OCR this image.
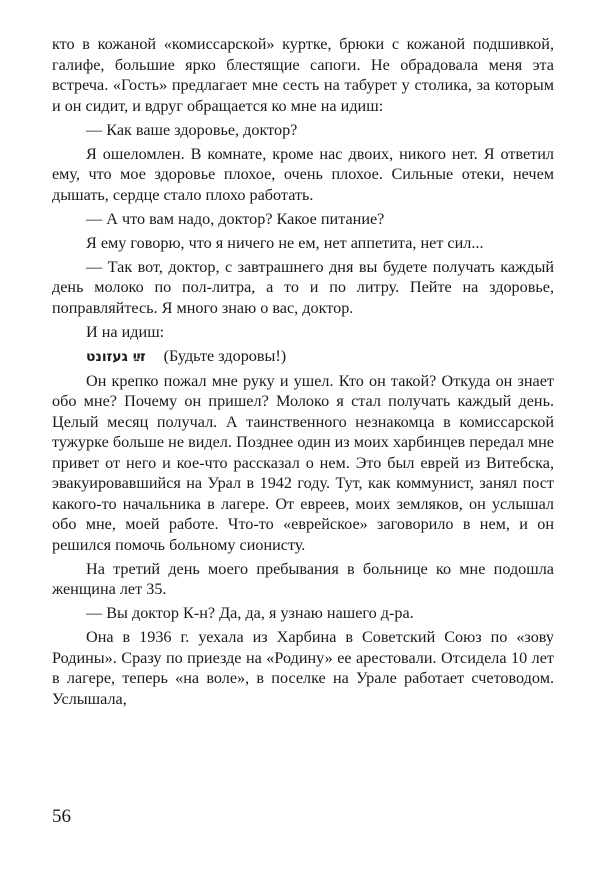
кто в кожаной «комиссарской» куртке, брюки с кожаной подшивкой, галифе, большие ярко блестящие сапоги. Не обрадовала меня эта встреча. «Гость» предлагает мне сесть на табурет у столика, за которым и он сидит, и вдруг обращается ко мне на идиш:

— Как ваше здоровье, доктор?

Я ошеломлен. В комнате, кроме нас двоих, никого нет. Я ответил ему, что мое здоровье плохое, очень плохое. Сильные отеки, нечем дышать, сердце стало плохо работать.

— А что вам надо, доктор? Какое питание?

Я ему говорю, что я ничего не ем, нет аппетита, нет сил...

— Так вот, доктор, с завтрашнего дня вы будете получать каждый день молоко по пол-литра, а то и по литру. Пейте на здоровье, поправляйтесь. Я много знаю о вас, доктор.

И на идиш:

זײַ געזונט (Будьте здоровы!)

Он крепко пожал мне руку и ушел. Кто он такой? Откуда он знает обо мне? Почему он пришел? Молоко я стал получать каждый день. Целый месяц получал. А таинственного незнакомца в комиссарской тужурке больше не видел. Позднее один из моих харбинцев передал мне привет от него и кое-что рассказал о нем. Это был еврей из Витебска, эвакуировавшийся на Урал в 1942 году. Тут, как коммунист, занял пост какого-то начальника в лагере. От евреев, моих земляков, он услышал обо мне, моей работе. Что-то «еврейское» заговорило в нем, и он решился помочь больному сионисту.

На третий день моего пребывания в больнице ко мне подошла женщина лет 35.

— Вы доктор К-н? Да, да, я узнаю нашего д-ра.

Она в 1936 г. уехала из Харбина в Советский Союз по «зову Родины». Сразу по приезде на «Родину» ее арестовали. Отсидела 10 лет в лагере, теперь «на воле», в поселке на Урале работает счетоводом. Услышала,

56
